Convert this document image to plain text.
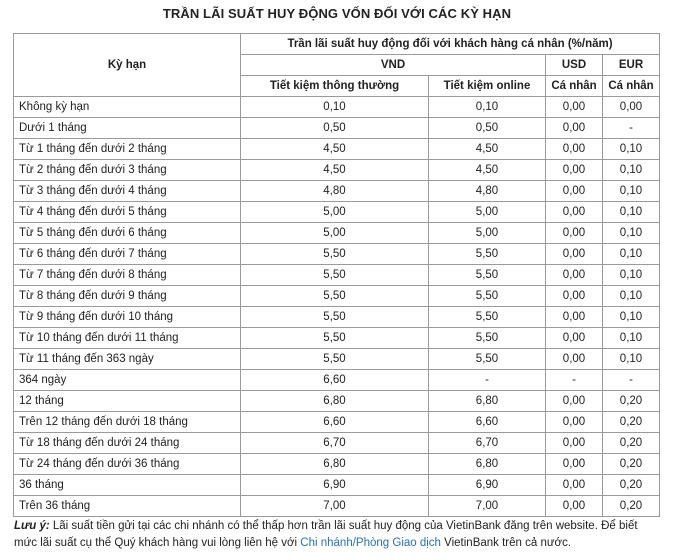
TRẦN LÃI SUẤT HUY ĐỘNG VỐN ĐỐI VỚI CÁC KỲ HẠN
Kỳ hạn	Trần lãi suất huy động đối với khách hàng cá nhân (%/năm)			
	VND		USD	EUR
	Tiết kiệm thông thường	Tiết kiệm online	Cá nhân	Cá nhân
Không kỳ hạn	0,10	0,10	0,00	0,00
Dưới 1 tháng	0,50	0,50	0,00	-
Từ 1 tháng đến dưới 2 tháng	4,50	4,50	0,00	0,10
Từ 2 tháng đến dưới 3 tháng	4,50	4,50	0,00	0,10
Từ 3 tháng đến dưới 4 tháng	4,80	4,80	0,00	0,10
Từ 4 tháng đến dưới 5 tháng	5,00	5,00	0,00	0,10
Từ 5 tháng đến dưới 6 tháng	5,00	5,00	0,00	0,10
Từ 6 tháng đến dưới 7 tháng	5,50	5,50	0,00	0,10
Từ 7 tháng đến dưới 8 tháng	5,50	5,50	0,00	0,10
Từ 8 tháng đến dưới 9 tháng	5,50	5,50	0,00	0,10
Từ 9 tháng đến dưới 10 tháng	5,50	5,50	0,00	0,10
Từ 10 tháng đến dưới 11 tháng	5,50	5,50	0,00	0,10
Từ 11 tháng đến 363 ngày	5,50	5,50	0,00	0,10
364 ngày	6,60	-	-	-
12 tháng	6,80	6,80	0,00	0,20
Trên 12 tháng đến dưới 18 tháng	6,60	6,60	0,00	0,20
Từ 18 tháng đến dưới 24 tháng	6,70	6,70	0,00	0,20
Từ 24 tháng đến dưới 36 tháng	6,80	6,80	0,00	0,20
36 tháng	6,90	6,90	0,00	0,20
Trên 36 tháng	7,00	7,00	0,00	0,20
Lưu ý: Lãi suất tiền gửi tại các chi nhánh có thể thấp hơn trần lãi suất huy động của VietinBank đăng trên website. Để biết mức lãi suất cụ thể Quý khách hàng vui lòng liên hệ với Chi nhánh/Phòng Giao dịch VietinBank trên cả nước.
